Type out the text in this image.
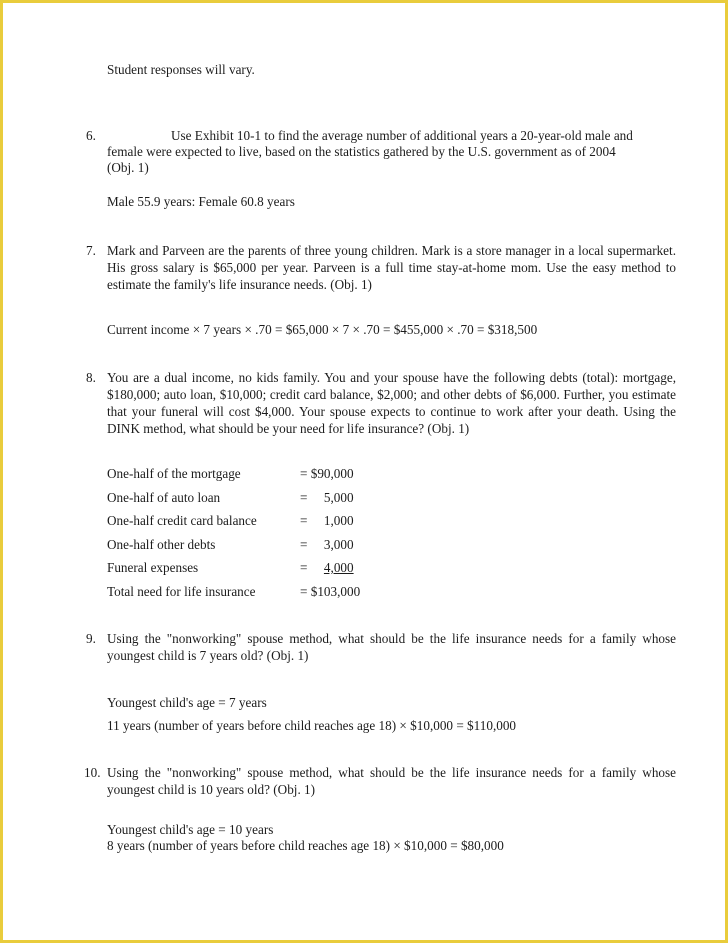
Student responses will vary.

6.	Use Exhibit 10-1 to find the average number of additional years a 20-year-old male and

female were expected to live, based on the statistics gathered by the U.S. government as of 2004

(Obj. 1)

Male 55.9 years: Female 60.8 years

7. Mark and Parveen are the parents of three young children. Mark is a store manager in a local supermarket. His gross salary is $65,000 per year. Parveen is a full time stay-at-home mom. Use the easy method to estimate the family's life insurance needs. (Obj. 1)

Current income × 7 years × .70 = $65,000 × 7 × .70 = $455,000 × .70 = $318,500

8. You are a dual income, no kids family. You and your spouse have the following debts (total): mortgage, $180,000; auto loan, $10,000; credit card balance, $2,000; and other debts of $6,000. Further, you estimate that your funeral will cost $4,000. Your spouse expects to continue to work after your death. Using the DINK method, what should be your need for life insurance? (Obj. 1)

One-half of the mortgage	= $90,000

One-half of auto loan	=     5,000

One-half credit card balance	=     1,000

One-half other debts	=     3,000

Funeral expenses	=     4,000

Total need for life insurance	= $103,000

9. Using the "nonworking" spouse method, what should be the life insurance needs for a family whose youngest child is 7 years old? (Obj. 1)

Youngest child's age = 7 years

11 years (number of years before child reaches age 18) × $10,000 = $110,000

10. Using the "nonworking" spouse method, what should be the life insurance needs for a family whose youngest child is 10 years old? (Obj. 1)

Youngest child's age = 10 years

8 years (number of years before child reaches age 18) × $10,000 = $80,000
